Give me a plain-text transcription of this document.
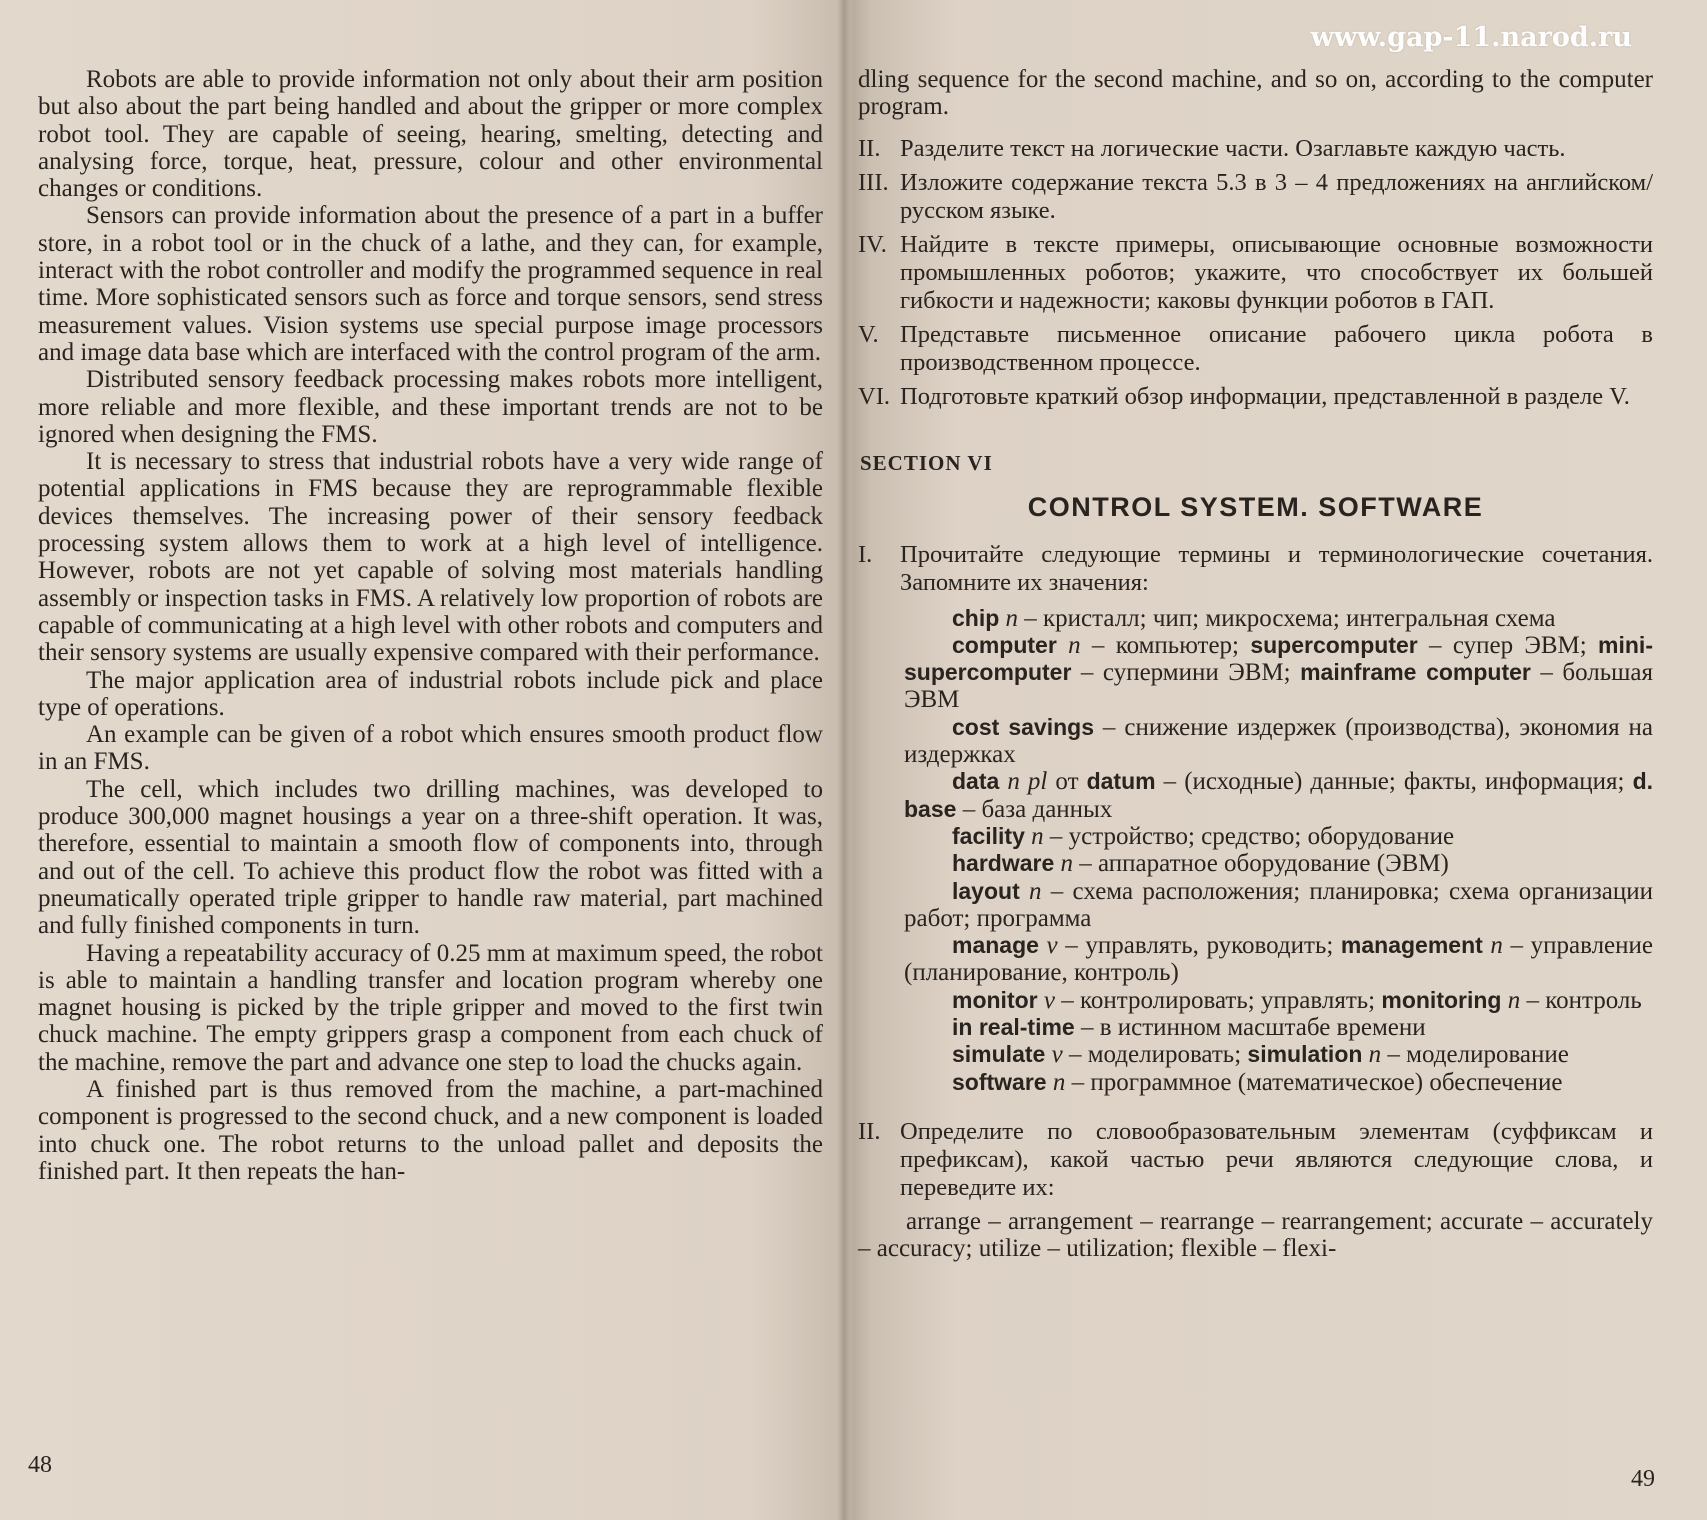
www.gap-11.narod.ru

Robots are able to provide information not only about their arm position but also about the part being handled and about the gripper or more complex robot tool. They are capable of seeing, hearing, smelting, detecting and analysing force, torque, heat, pressure, colour and other environmental changes or conditions.

Sensors can provide information about the presence of a part in a buffer store, in a robot tool or in the chuck of a lathe, and they can, for example, interact with the robot controller and modify the programmed sequence in real time. More sophisticated sensors such as force and torque sensors, send stress measurement values. Vision systems use special purpose image processors and image data base which are interfaced with the control program of the arm.

Distributed sensory feedback processing makes robots more intelligent, more reliable and more flexible, and these important trends are not to be ignored when designing the FMS.

It is necessary to stress that industrial robots have a very wide range of potential applications in FMS because they are reprogrammable flexible devices themselves. The increasing power of their sensory feedback processing system allows them to work at a high level of intelligence. However, robots are not yet capable of solving most materials handling assembly or inspection tasks in FMS. A relatively low proportion of robots are capable of communicating at a high level with other robots and computers and their sensory systems are usually expensive compared with their performance.

The major application area of industrial robots include pick and place type of operations.

An example can be given of a robot which ensures smooth product flow in an FMS.

The cell, which includes two drilling machines, was developed to produce 300,000 magnet housings a year on a three-shift operation. It was, therefore, essential to maintain a smooth flow of components into, through and out of the cell. To achieve this product flow the robot was fitted with a pneumatically operated triple gripper to handle raw material, part machined and fully finished components in turn.

Having a repeatability accuracy of 0.25 mm at maximum speed, the robot is able to maintain a handling transfer and location program whereby one magnet housing is picked by the triple gripper and moved to the first twin chuck machine. The empty grippers grasp a component from each chuck of the machine, remove the part and advance one step to load the chucks again.

A finished part is thus removed from the machine, a part-machined component is progressed to the second chuck, and a new component is loaded into chuck one. The robot returns to the unload pallet and deposits the finished part. It then repeats the han-

48

dling sequence for the second machine, and so on, according to the computer program.

II. Разделите текст на логические части. Озаглавьте каждую часть.
III. Изложите содержание текста 5.3 в 3 – 4 предложениях на английском/русском языке.
IV. Найдите в тексте примеры, описывающие основные возможности промышленных роботов; укажите, что способствует их большей гибкости и надежности; каковы функции роботов в ГАП.
V. Представьте письменное описание рабочего цикла робота в производственном процессе.
VI. Подготовьте краткий обзор информации, представленной в разделе V.
SECTION VI
CONTROL SYSTEM. SOFTWARE
I. Прочитайте следующие термины и терминологические сочетания. Запомните их значения:

chip n – кристалл; чип; микросхема; интегральная схема

computer n – компьютер; supercomputer – супер ЭВМ; mini-supercomputer – супермини ЭВМ; mainframe computer – большая ЭВМ

cost savings – снижение издержек (производства), экономия на издержках

data n pl от datum – (исходные) данные; факты, информация; d. base – база данных

facility n – устройство; средство; оборудование

hardware n – аппаратное оборудование (ЭВМ)

layout n – схема расположения; планировка; схема организации работ; программа

manage v – управлять, руководить; management n – управление (планирование, контроль)

monitor v – контролировать; управлять; monitoring n – контроль

in real-time – в истинном масштабе времени

simulate v – моделировать; simulation n – моделирование

software n – программное (математическое) обеспечение

II. Определите по словообразовательным элементам (суффиксам и префиксам), какой частью речи являются следующие слова, и переведите их:

arrange – arrangement – rearrange – rearrangement; accurate – accurately – accuracy; utilize – utilization; flexible – flexi-

49
